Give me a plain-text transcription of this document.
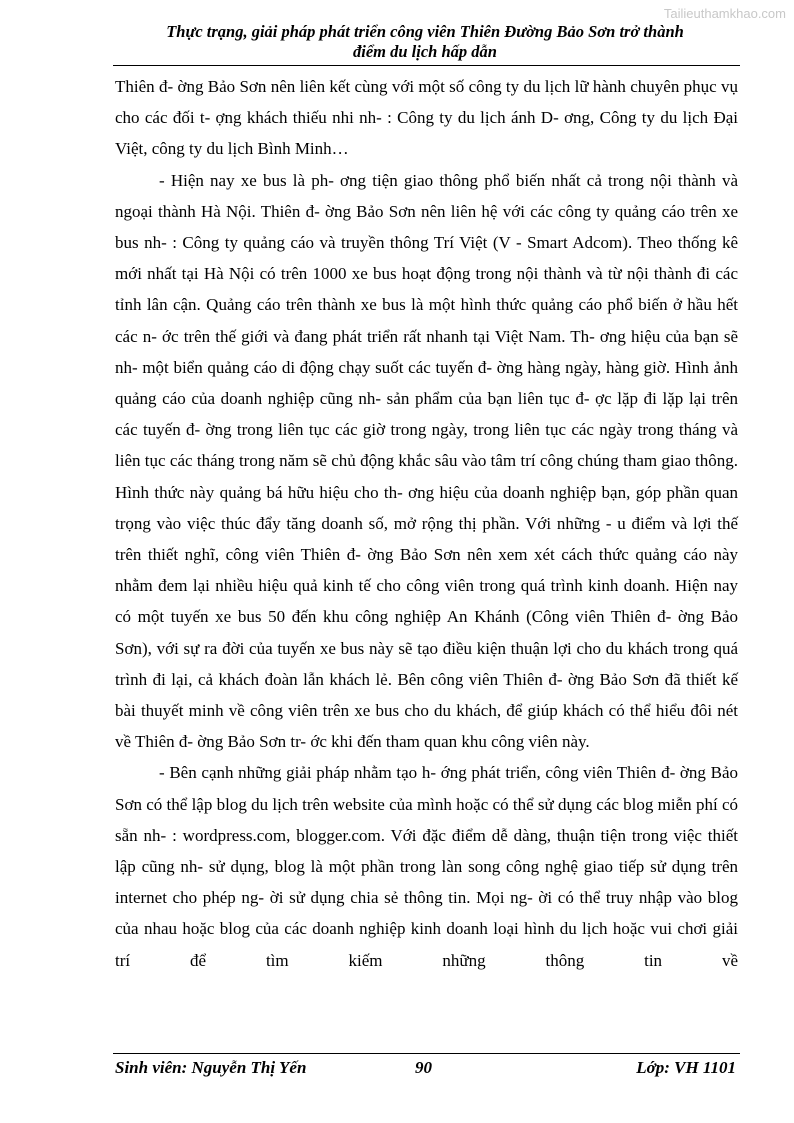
Tailieuthamkhao.com
Thực trạng, giải pháp phát triển công viên Thiên Đường Bảo Sơn trở thành
điểm du lịch hấp dẫn

Thiên đ- ờng Bảo Sơn nên liên kết cùng với một số công ty du lịch lữ hành chuyên phục vụ cho các đối t- ợng khách thiếu nhi nh- : Công ty du lịch ánh D- ơng, Công ty du lịch Đại Việt, công ty du lịch Bình Minh…

- Hiện nay xe bus là ph- ơng tiện giao thông phổ biến nhất cả trong nội thành và ngoại thành Hà Nội. Thiên đ- ờng Bảo Sơn nên liên hệ với các công ty quảng cáo trên xe bus nh- : Công ty quảng cáo và truyền thông Trí Việt (V - Smart Adcom). Theo thống kê mới nhất tại Hà Nội có trên 1000 xe bus hoạt động trong nội thành và từ nội thành đi các tỉnh lân cận. Quảng cáo trên thành xe bus là một hình thức quảng cáo phổ biến ở hầu hết các n- ớc trên thế giới và đang phát triển rất nhanh tại Việt Nam. Th- ơng hiệu của bạn sẽ nh- một biển quảng cáo di động chạy suốt các tuyến đ- ờng hàng ngày, hàng giờ. Hình ảnh quảng cáo của doanh nghiệp cũng nh- sản phẩm của bạn liên tục đ- ợc lặp đi lặp lại trên các tuyến đ- ờng trong liên tục các giờ trong ngày, trong liên tục các ngày trong tháng và liên tục các tháng trong năm sẽ chủ động khắc sâu vào tâm trí công chúng tham giao thông. Hình thức này quảng bá hữu hiệu cho th- ơng hiệu của doanh nghiệp bạn, góp phần quan trọng vào việc thúc đẩy tăng doanh số, mở rộng thị phần. Với những - u điểm và lợi thế trên thiết nghĩ, công viên Thiên đ- ờng Bảo Sơn nên xem xét cách thức quảng cáo này nhằm đem lại nhiều hiệu quả kinh tế cho công viên trong quá trình kinh doanh. Hiện nay có một tuyến xe bus 50 đến khu công nghiệp An Khánh (Công viên Thiên đ- ờng Bảo Sơn), với sự ra đời của tuyến xe bus này sẽ tạo điều kiện thuận lợi cho du khách trong quá trình đi lại, cả khách đoàn lẫn khách lẻ. Bên công viên Thiên đ- ờng Bảo Sơn đã thiết kế bài thuyết minh về công viên trên xe bus cho du khách, để giúp khách có thể hiểu đôi nét về Thiên đ- ờng Bảo Sơn tr- ớc khi đến tham quan khu công viên này.

- Bên cạnh những giải pháp nhằm tạo h- ớng phát triển, công viên Thiên đ- ờng Bảo Sơn có thể lập blog du lịch trên website của mình hoặc có thể sử dụng các blog miễn phí có sẵn nh- : wordpress.com, blogger.com. Với đặc điểm dễ dàng, thuận tiện trong việc thiết lập cũng nh- sử dụng, blog là một phần trong làn song công nghệ giao tiếp sử dụng trên internet cho phép ng- ời sử dụng chia sẻ thông tin. Mọi ng- ời có thể truy nhập vào blog của nhau hoặc blog của các doanh nghiệp kinh doanh loại hình du lịch hoặc vui chơi giải trí để tìm kiếm những thông tin về

Sinh viên: Nguyễn Thị Yến	90	Lớp: VH 1101
